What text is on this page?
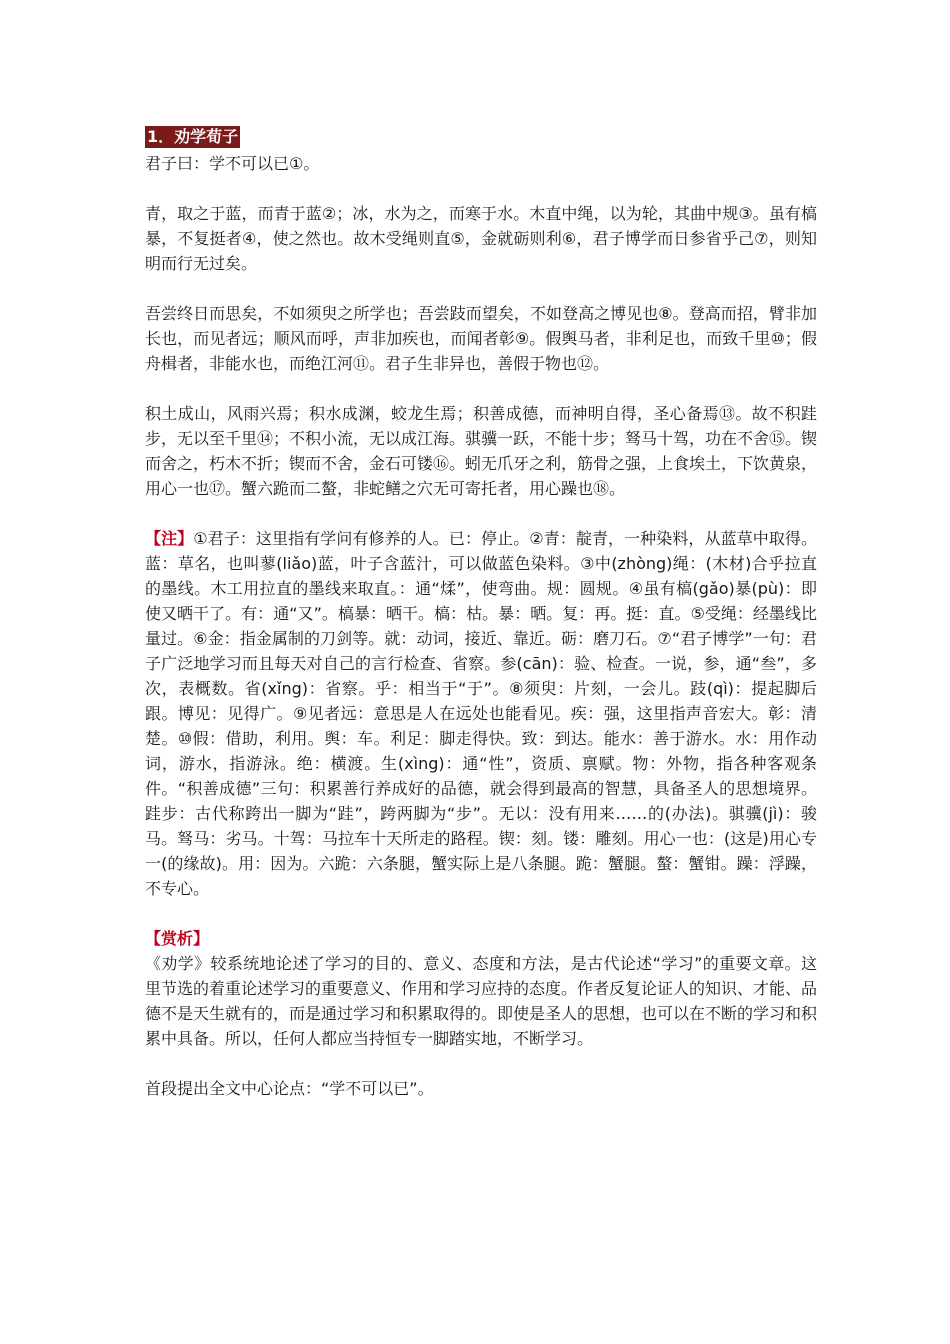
1．劝学荀子

君子曰：学不可以已①。

青，取之于蓝，而青于蓝②；冰，水为之，而寒于水。木直中绳，以为轮，其曲中规③。虽有槁暴，不复挺者④，使之然也。故木受绳则直⑤，金就砺则利⑥，君子博学而日参省乎己⑦，则知明而行无过矣。

吾尝终日而思矣，不如须臾之所学也；吾尝跂而望矣，不如登高之博见也⑧。登高而招，臂非加长也，而见者远；顺风而呼，声非加疾也，而闻者彰⑨。假舆马者，非利足也，而致千里⑩；假舟楫者，非能水也，而绝江河⑪。君子生非异也，善假于物也⑫。

积土成山，风雨兴焉；积水成渊，蛟龙生焉；积善成德，而神明自得，圣心备焉⑬。故不积跬步，无以至千里⑭；不积小流，无以成江海。骐骥一跃，不能十步；驽马十驾，功在不舍⑮。锲而舍之，朽木不折；锲而不舍，金石可镂⑯。蚓无爪牙之利，筋骨之强，上食埃土，下饮黄泉，用心一也⑰。蟹六跪而二螯，非蛇鳝之穴无可寄托者，用心躁也⑱。

【注】①君子：这里指有学问有修养的人。已：停止。②青：靛青，一种染料，从蓝草中取得。蓝：草名，也叫蓼(liǎo)蓝，叶子含蓝汁，可以做蓝色染料。③中(zhòng)绳：(木材)合乎拉直的墨线。木工用拉直的墨线来取直。：通“煣”，使弯曲。规：圆规。④虽有槁(gǎo)暴(pù)：即使又晒干了。有：通“又”。槁暴：晒干。槁：枯。暴：晒。复：再。挺：直。⑤受绳：经墨线比量过。⑥金：指金属制的刀剑等。就：动词，接近、靠近。砺：磨刀石。⑦“君子博学”一句：君子广泛地学习而且每天对自己的言行检查、省察。参(cān)：验、检查。一说，参，通“叁”，多次，表概数。省(xǐng)：省察。乎：相当于“于”。⑧须臾：片刻，一会儿。跂(qì)：提起脚后跟。博见：见得广。⑨见者远：意思是人在远处也能看见。疾：强，这里指声音宏大。彰：清楚。⑩假：借助，利用。舆：车。利足：脚走得快。致：到达。能水：善于游水。水：用作动词，游水，指游泳。绝：横渡。生(xìng)：通“性”，资质、禀赋。物：外物，指各种客观条件。“积善成德”三句：积累善行养成好的品德，就会得到最高的智慧，具备圣人的思想境界。跬步：古代称跨出一脚为“跬”，跨两脚为“步”。无以：没有用来……的(办法)。骐骥(jì)：骏马。驽马：劣马。十驾：马拉车十天所走的路程。锲：刻。镂：雕刻。用心一也：(这是)用心专一(的缘故)。用：因为。六跪：六条腿，蟹实际上是八条腿。跪：蟹腿。螯：蟹钳。躁：浮躁，不专心。

【赏析】

《劝学》较系统地论述了学习的目的、意义、态度和方法，是古代论述“学习”的重要文章。这里节选的着重论述学习的重要意义、作用和学习应持的态度。作者反复论证人的知识、才能、品德不是天生就有的，而是通过学习和积累取得的。即使是圣人的思想，也可以在不断的学习和积累中具备。所以，任何人都应当持恒专一脚踏实地，不断学习。

首段提出全文中心论点：“学不可以已”。
